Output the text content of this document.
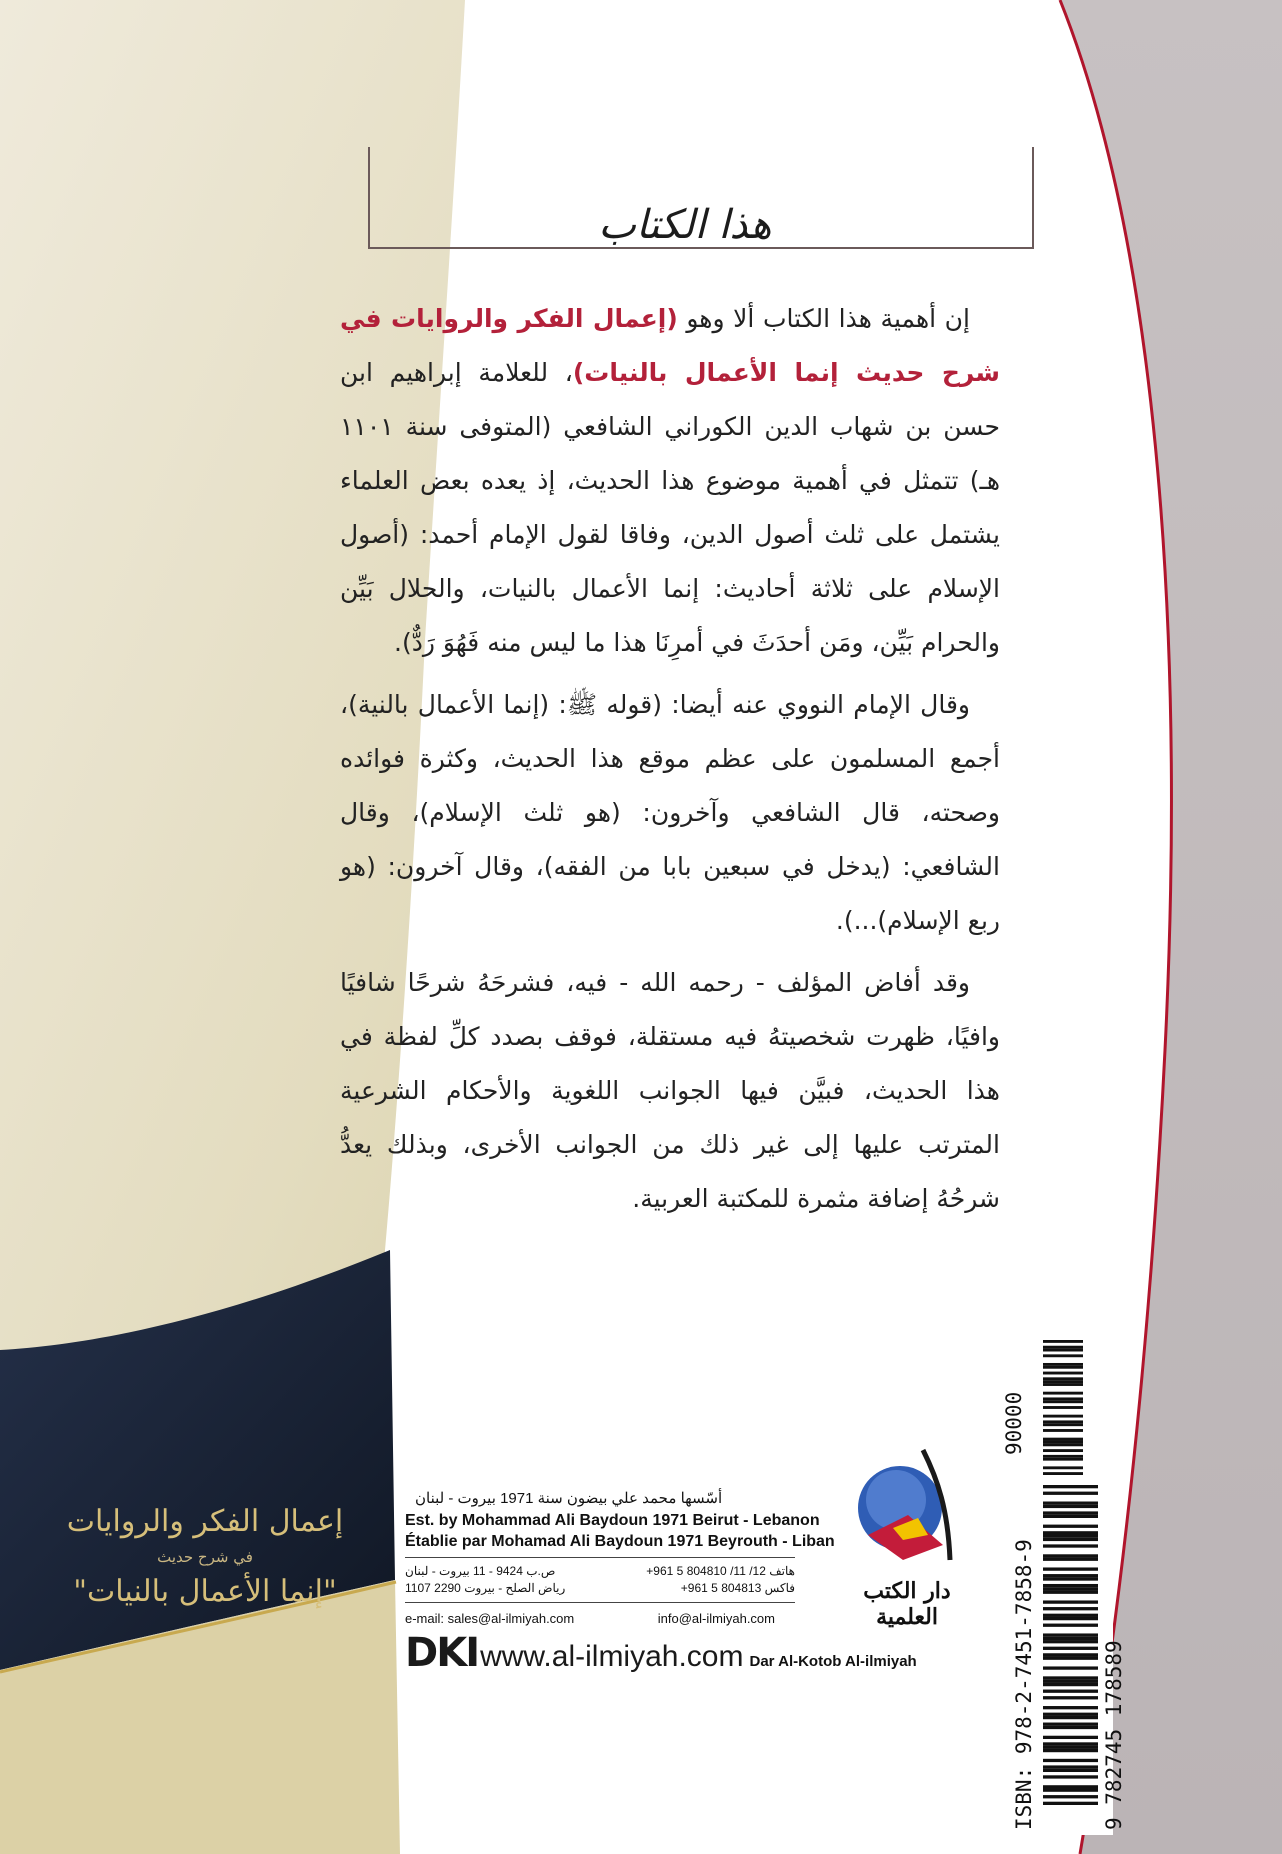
هذا الكتاب

إن أهمية هذا الكتاب ألا وهو (إعمال الفكر والروايات في شرح حديث إنما الأعمال بالنيات)، للعلامة إبراهيم ابن حسن بن شهاب الدين الكوراني الشافعي (المتوفى سنة ١١٠١ هـ) تتمثل في أهمية موضوع هذا الحديث، إذ يعده بعض العلماء يشتمل على ثلث أصول الدين، وفاقا لقول الإمام أحمد: (أصول الإسلام على ثلاثة أحاديث: إنما الأعمال بالنيات، والحلال بَيِّن والحرام بَيِّن، ومَن أحدَثَ في أمرِنَا هذا ما ليس منه فَهُوَ رَدٌّ).

وقال الإمام النووي عنه أيضا: (قوله ﷺ: (إنما الأعمال بالنية)، أجمع المسلمون على عظم موقع هذا الحديث، وكثرة فوائده وصحته، قال الشافعي وآخرون: (هو ثلث الإسلام)، وقال الشافعي: (يدخل في سبعين بابا من الفقه)، وقال آخرون: (هو ربع الإسلام)...).

وقد أفاض المؤلف - رحمه الله - فيه، فشرحَهُ شرحًا شافيًا وافيًا، ظهرت شخصيتهُ فيه مستقلة، فوقف بصدد كلِّ لفظة في هذا الحديث، فبيَّن فيها الجوانب اللغوية والأحكام الشرعية المترتب عليها إلى غير ذلك من الجوانب الأخرى، وبذلك يعدُّ شرحُهُ إضافة مثمرة للمكتبة العربية.

إعمال الفكر والروايات
في شرح حديث
"إنما الأعمال بالنيات"	دار الكتب العلمية
أسّسها محمد علي بيضون سنة 1971 بيروت - لبنان
Est. by Mohammad Ali Baydoun 1971 Beirut - Lebanon
Établie par Mohamad Ali Baydoun 1971 Beyrouth - Liban
ص.ب 9424 - 11 بيروت - لبنان	هاتف 12/ 11/ 804810 5 961+
رياض الصلح - بيروت 2290 1107	فاكس 804813 5 961+
e-mail: sales@al-ilmiyah.com	info@al-ilmiyah.com
DKI www.al-ilmiyah.com Dar Al-Kotob Al-ilmiyah	ISBN: 978-2-7451-7858-9	9 782745 178589
90000
